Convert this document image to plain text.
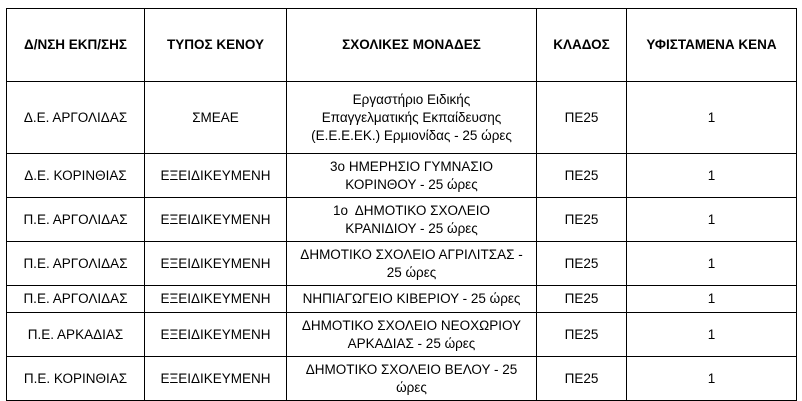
Δ/ΝΣΗ ΕΚΠ/ΣΗΣ	ΤΥΠΟΣ ΚΕΝΟΥ	ΣΧΟΛΙΚΕΣ ΜΟΝΑΔΕΣ	ΚΛΑΔΟΣ	ΥΦΙΣΤΑΜΕΝΑ ΚΕΝΑ
Δ.Ε. ΑΡΓΟΛΙΔΑΣ	ΣΜΕΑΕ	Εργαστήριο Ειδικής
Επαγγελματικής Εκπαίδευσης
(Ε.Ε.Ε.ΕΚ.) Ερμιονίδας - 25 ώρες	ΠΕ25	1
Δ.Ε. ΚΟΡΙΝΘΙΑΣ	ΕΞΕΙΔΙΚΕΥΜΕΝΗ	3ο ΗΜΕΡΗΣΙΟ ΓΥΜΝΑΣΙΟ
ΚΟΡΙΝΘΟΥ - 25 ώρες	ΠΕ25	1
Π.Ε. ΑΡΓΟΛΙΔΑΣ	ΕΞΕΙΔΙΚΕΥΜΕΝΗ	1ο  ΔΗΜΟΤΙΚΟ ΣΧΟΛΕΙΟ
ΚΡΑΝΙΔΙΟΥ - 25 ώρες	ΠΕ25	1
Π.Ε. ΑΡΓΟΛΙΔΑΣ	ΕΞΕΙΔΙΚΕΥΜΕΝΗ	ΔΗΜΟΤΙΚΟ ΣΧΟΛΕΙΟ ΑΓΡΙΛΙΤΣΑΣ -
25 ώρες	ΠΕ25	1
Π.Ε. ΑΡΓΟΛΙΔΑΣ	ΕΞΕΙΔΙΚΕΥΜΕΝΗ	ΝΗΠΙΑΓΩΓΕΙΟ ΚΙΒΕΡΙΟΥ - 25 ώρες	ΠΕ25	1
Π.Ε. ΑΡΚΑΔΙΑΣ	ΕΞΕΙΔΙΚΕΥΜΕΝΗ	ΔΗΜΟΤΙΚΟ ΣΧΟΛΕΙΟ ΝΕΟΧΩΡΙΟΥ
ΑΡΚΑΔΙΑΣ - 25 ώρες	ΠΕ25	1
Π.Ε. ΚΟΡΙΝΘΙΑΣ	ΕΞΕΙΔΙΚΕΥΜΕΝΗ	ΔΗΜΟΤΙΚΟ ΣΧΟΛΕΙΟ ΒΕΛΟΥ - 25
ώρες	ΠΕ25	1
